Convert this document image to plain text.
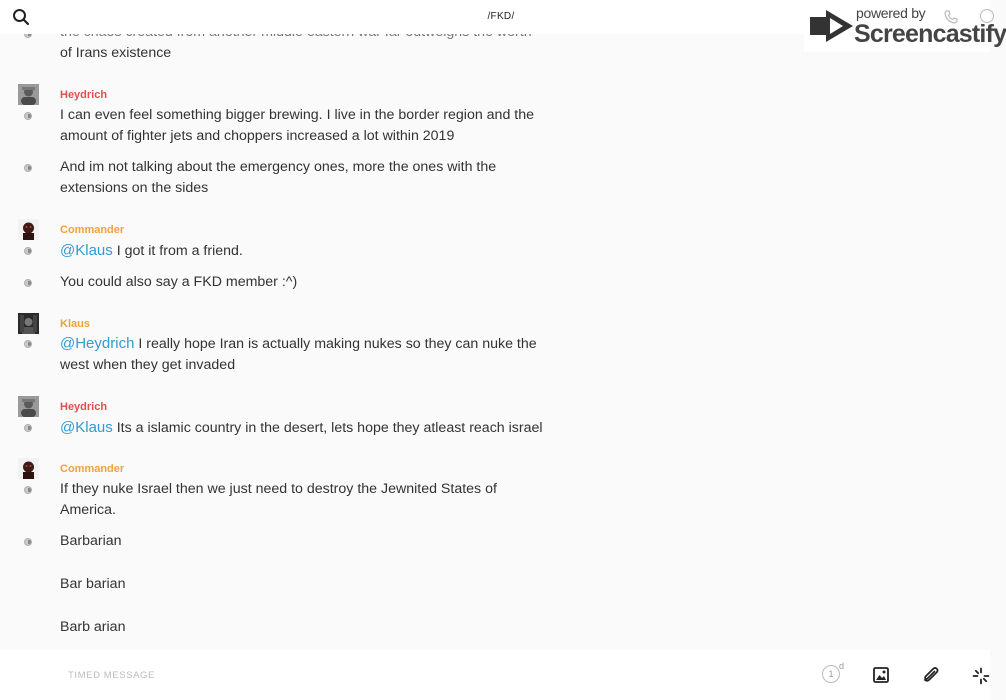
of Irans existence
Heydrich
I can even feel something bigger brewing. I live in the border region and the
amount of fighter jets and choppers increased a lot within 2019
And im not talking about the emergency ones, more the ones with the
extensions on the sides
Commander
@Klaus I got it from a friend.
You could also say a FKD member :^)
Klaus
@Heydrich I really hope Iran is actually making nukes so they can nuke the
west when they get invaded
Heydrich
@Klaus Its a islamic country in the desert, lets hope they atleast reach israel
Commander
If they nuke Israel then we just need to destroy the Jewnited States of
America.
Barbarian
Bar barian
Barb arian
/FKD/	powered by
Screencastify
TIMED MESSAGE
1
d
